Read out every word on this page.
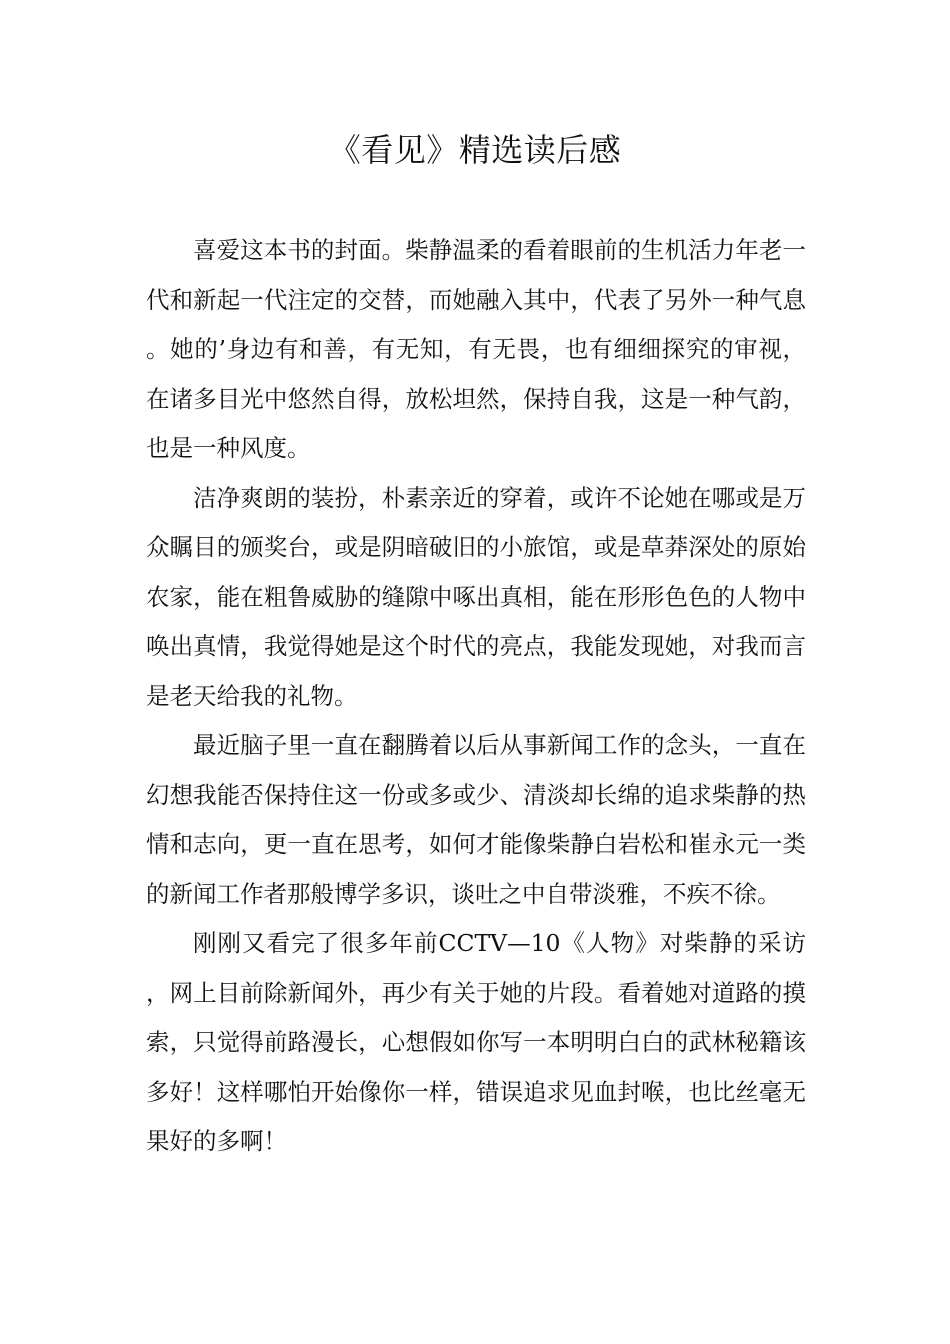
《看见》精选读后感

喜爱这本书的封面。柴静温柔的看着眼前的生机活力年老一代和新起一代注定的交替，而她融入其中，代表了另外一种气息。她的’身边有和善，有无知，有无畏，也有细细探究的审视，在诸多目光中悠然自得，放松坦然，保持自我，这是一种气韵，也是一种风度。

洁净爽朗的装扮，朴素亲近的穿着，或许不论她在哪或是万众瞩目的颁奖台，或是阴暗破旧的小旅馆，或是草莽深处的原始农家，能在粗鲁威胁的缝隙中啄出真相，能在形形色色的人物中唤出真情，我觉得她是这个时代的亮点，我能发现她，对我而言是老天给我的礼物。

最近脑子里一直在翻腾着以后从事新闻工作的念头，一直在幻想我能否保持住这一份或多或少、清淡却长绵的追求柴静的热情和志向，更一直在思考，如何才能像柴静白岩松和崔永元一类的新闻工作者那般博学多识，谈吐之中自带淡雅，不疾不徐。

刚刚又看完了很多年前CCTV—10《人物》对柴静的采访，网上目前除新闻外，再少有关于她的片段。看着她对道路的摸索，只觉得前路漫长，心想假如你写一本明明白白的武林秘籍该多好！这样哪怕开始像你一样，错误追求见血封喉，也比丝毫无果好的多啊！
